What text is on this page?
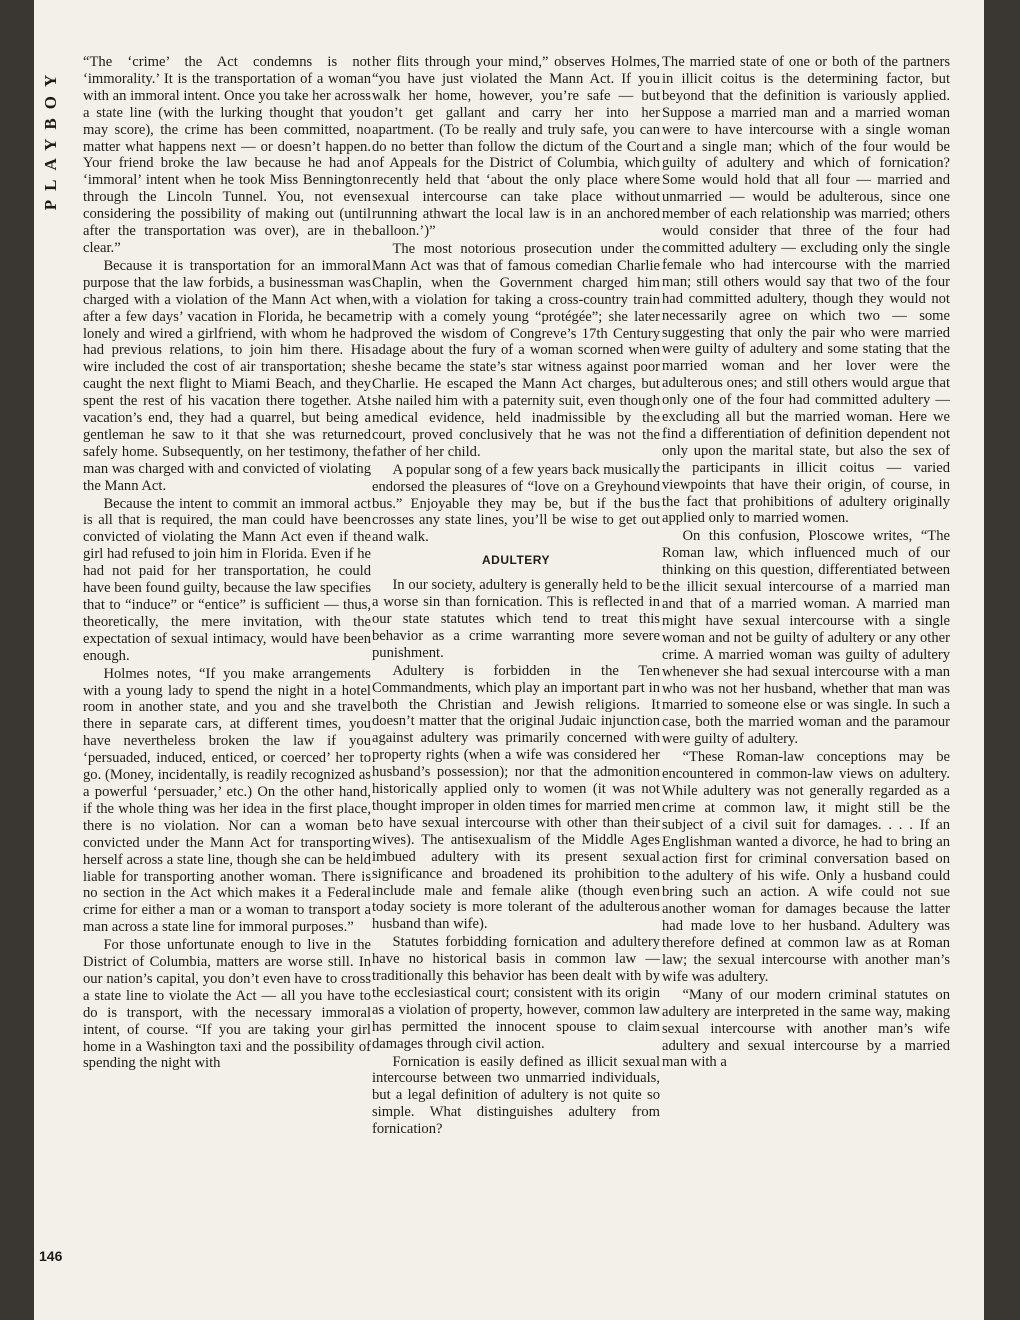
PLAYBOY
146

“The ‘crime’ the Act condemns is not ‘immorality.’ It is the transportation of a woman with an immoral intent. Once you take her across a state line (with the lurking thought that you may score), the crime has been committed, no matter what happens next — or doesn’t happen. Your friend broke the law because he had an ‘immoral’ intent when he took Miss Bennington through the Lincoln Tunnel. You, not even considering the possibility of making out (until after the transportation was over), are in the clear.”

Because it is transportation for an immoral purpose that the law forbids, a businessman was charged with a violation of the Mann Act when, after a few days’ vacation in Florida, he became lonely and wired a girlfriend, with whom he had had previous relations, to join him there. His wire included the cost of air transportation; she caught the next flight to Miami Beach, and they spent the rest of his vacation there together. At vacation’s end, they had a quarrel, but being a gentleman he saw to it that she was returned safely home. Subsequently, on her testimony, the man was charged with and convicted of violating the Mann Act.

Because the intent to commit an immoral act is all that is required, the man could have been convicted of violating the Mann Act even if the girl had refused to join him in Florida. Even if he had not paid for her transportation, he could have been found guilty, because the law specifies that to “induce” or “entice” is sufficient — thus, theoretically, the mere invitation, with the expectation of sexual intimacy, would have been enough.

Holmes notes, “If you make arrangements with a young lady to spend the night in a hotel room in another state, and you and she travel there in separate cars, at different times, you have nevertheless broken the law if you ‘persuaded, induced, enticed, or coerced’ her to go. (Money, incidentally, is readily recognized as a powerful ‘persuader,’ etc.) On the other hand, if the whole thing was her idea in the first place, there is no violation. Nor can a woman be convicted under the Mann Act for transporting herself across a state line, though she can be held liable for transporting another woman. There is no section in the Act which makes it a Federal crime for either a man or a woman to transport a man across a state line for immoral purposes.”

For those unfortunate enough to live in the District of Columbia, matters are worse still. In our nation’s capital, you don’t even have to cross a state line to violate the Act — all you have to do is transport, with the necessary immoral intent, of course. “If you are taking your girl home in a Washington taxi and the possibility of spending the night with

her flits through your mind,” observes Holmes, “you have just violated the Mann Act. If you walk her home, however, you’re safe — but don’t get gallant and carry her into her apartment. (To be really and truly safe, you can do no better than follow the dictum of the Court of Appeals for the District of Columbia, which recently held that ‘about the only place where sexual intercourse can take place without running athwart the local law is in an anchored balloon.’)”

The most notorious prosecution under the Mann Act was that of famous comedian Charlie Chaplin, when the Government charged him with a violation for taking a cross-country train trip with a comely young “protégée”; she later proved the wisdom of Congreve’s 17th Century adage about the fury of a woman scorned when she became the state’s star witness against poor Charlie. He escaped the Mann Act charges, but she nailed him with a paternity suit, even though medical evidence, held inadmissible by the court, proved conclusively that he was not the father of her child.

A popular song of a few years back musically endorsed the pleasures of “love on a Greyhound bus.” Enjoyable they may be, but if the bus crosses any state lines, you’ll be wise to get out and walk.

ADULTERY

In our society, adultery is generally held to be a worse sin than fornication. This is reflected in our state statutes which tend to treat this behavior as a crime warranting more severe punishment.

Adultery is forbidden in the Ten Commandments, which play an important part in both the Christian and Jewish religions. It doesn’t matter that the original Judaic injunction against adultery was primarily concerned with property rights (when a wife was considered her husband’s possession); nor that the admonition historically applied only to women (it was not thought improper in olden times for married men to have sexual intercourse with other than their wives). The antisexualism of the Middle Ages imbued adultery with its present sexual significance and broadened its prohibition to include male and female alike (though even today society is more tolerant of the adulterous husband than wife).

Statutes forbidding fornication and adultery have no historical basis in common law — traditionally this behavior has been dealt with by the ecclesiastical court; consistent with its origin as a violation of property, however, common law has permitted the innocent spouse to claim damages through civil action.

Fornication is easily defined as illicit sexual intercourse between two unmarried individuals, but a legal definition of adultery is not quite so simple. What distinguishes adultery from fornication?

The married state of one or both of the partners in illicit coitus is the determining factor, but beyond that the definition is variously applied. Suppose a married man and a married woman were to have intercourse with a single woman and a single man; which of the four would be guilty of adultery and which of fornication? Some would hold that all four — married and unmarried — would be adulterous, since one member of each relationship was married; others would consider that three of the four had committed adultery — excluding only the single female who had intercourse with the married man; still others would say that two of the four had committed adultery, though they would not necessarily agree on which two — some suggesting that only the pair who were married were guilty of adultery and some stating that the married woman and her lover were the adulterous ones; and still others would argue that only one of the four had committed adultery — excluding all but the married woman. Here we find a differentiation of definition dependent not only upon the marital state, but also the sex of the participants in illicit coitus — varied viewpoints that have their origin, of course, in the fact that prohibitions of adultery originally applied only to married women.

On this confusion, Ploscowe writes, “The Roman law, which influenced much of our thinking on this question, differentiated between the illicit sexual intercourse of a married man and that of a married woman. A married man might have sexual intercourse with a single woman and not be guilty of adultery or any other crime. A married woman was guilty of adultery whenever she had sexual intercourse with a man who was not her husband, whether that man was married to someone else or was single. In such a case, both the married woman and the paramour were guilty of adultery.

“These Roman-law conceptions may be encountered in common-law views on adultery. While adultery was not generally regarded as a crime at common law, it might still be the subject of a civil suit for damages. . . . If an Englishman wanted a divorce, he had to bring an action first for criminal conversation based on the adultery of his wife. Only a husband could bring such an action. A wife could not sue another woman for damages because the latter had made love to her husband. Adultery was therefore defined at common law as at Roman law; the sexual intercourse with another man’s wife was adultery.

“Many of our modern criminal statutes on adultery are interpreted in the same way, making sexual intercourse with another man’s wife adultery and sexual intercourse by a married man with a
